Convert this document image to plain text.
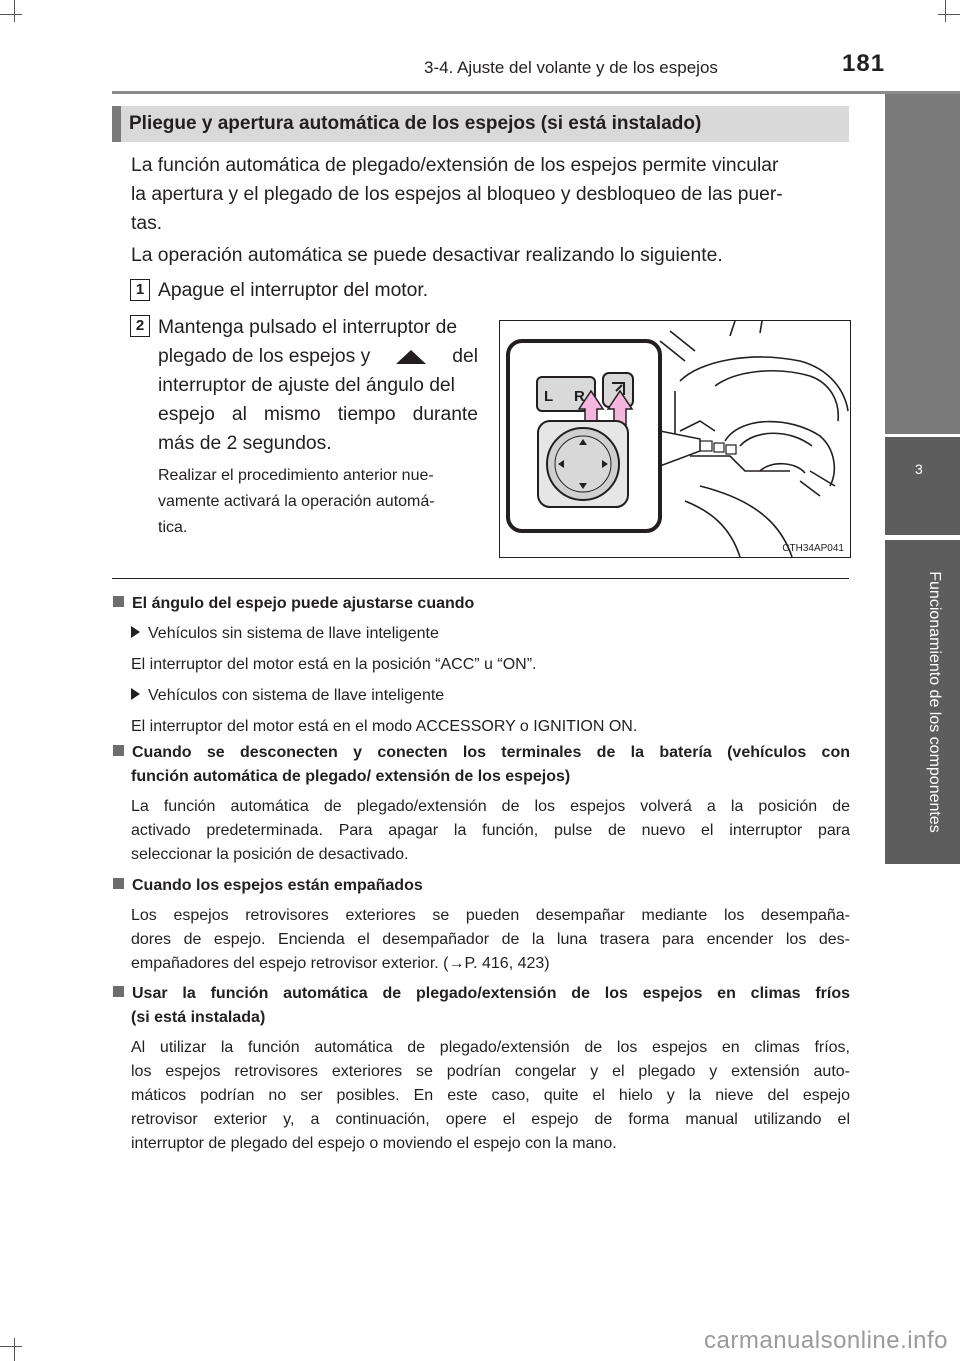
3-4. Ajuste del volante y de los espejos	181
3
Funcionamiento de los componentes
Pliegue y apertura automática de los espejos (si está instalado)
La función automática de plegado/extensión de los espejos permite vincular
la apertura y el plegado de los espejos al bloqueo y desbloqueo de las puer-
tas.
La operación automática se puede desactivar realizando lo siguiente.
1 Apague el interruptor del motor.
2 Mantenga pulsado el interruptor de
plegado de los espejos y	del
interruptor de ajuste del ángulo del
espejo al mismo tiempo durante
más de 2 segundos.
Realizar el procedimiento anterior nue-
vamente activará la operación automá-
tica.
L R
CTH34AP041
El ángulo del espejo puede ajustarse cuando
Vehículos sin sistema de llave inteligente
El interruptor del motor está en la posición “ACC” u “ON”.
Vehículos con sistema de llave inteligente
El interruptor del motor está en el modo ACCESSORY o IGNITION ON.
Cuando se desconecten y conecten los terminales de la batería (vehículos con
función automática de plegado/ extensión de los espejos)
La función automática de plegado/extensión de los espejos volverá a la posición de
activado predeterminada. Para apagar la función, pulse de nuevo el interruptor para
seleccionar la posición de desactivado.
Cuando los espejos están empañados
Los espejos retrovisores exteriores se pueden desempañar mediante los desempaña-
dores de espejo. Encienda el desempañador de la luna trasera para encender los des-
empañadores del espejo retrovisor exterior. (→P. 416, 423)
Usar la función automática de plegado/extensión de los espejos en climas fríos
(si está instalada)
Al utilizar la función automática de plegado/extensión de los espejos en climas fríos,
los espejos retrovisores exteriores se podrían congelar y el plegado y extensión auto-
máticos podrían no ser posibles. En este caso, quite el hielo y la nieve del espejo
retrovisor exterior y, a continuación, opere el espejo de forma manual utilizando el
interruptor de plegado del espejo o moviendo el espejo con la mano.
carmanualsonline.info
